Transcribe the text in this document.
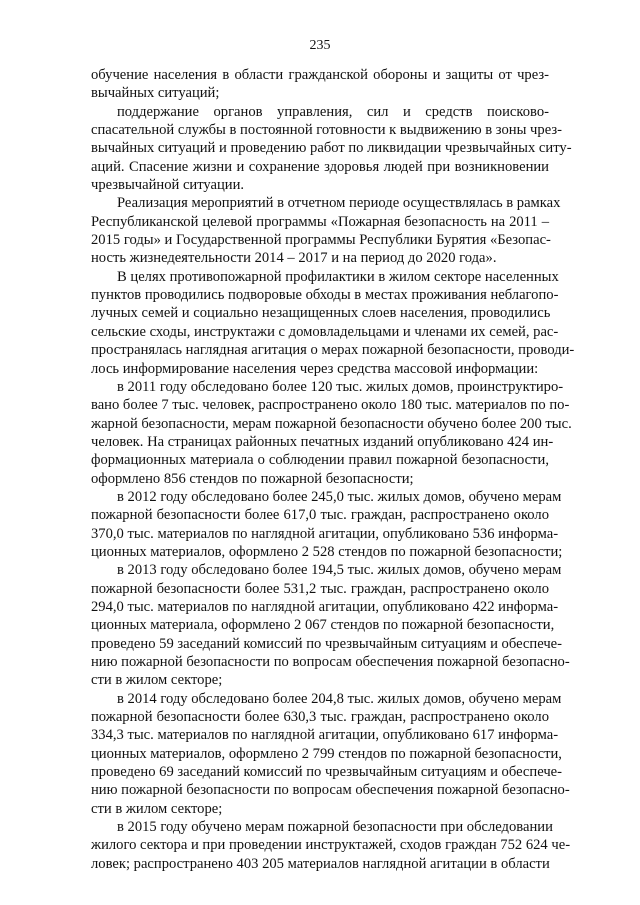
235
обучение населения в области гражданской обороны и защиты от чрез-
вычайных ситуаций;
поддержание органов управления, сил и средств поисково-
спасательной службы в постоянной готовности к выдвижению в зоны чрез-
вычайных ситуаций и проведению работ по ликвидации чрезвычайных ситу-
аций. Спасение жизни и сохранение здоровья людей при возникновении
чрезвычайной ситуации.
Реализация мероприятий в отчетном периоде осуществлялась в рамках
Республиканской целевой программы «Пожарная безопасность на 2011 –
2015 годы» и Государственной программы Республики Бурятия «Безопас-
ность жизнедеятельности 2014 – 2017 и на период до 2020 года».
В целях противопожарной профилактики в жилом секторе населенных
пунктов проводились подворовые обходы в местах проживания неблагопо-
лучных семей и социально незащищенных слоев населения, проводились
сельские сходы, инструктажи с домовладельцами и членами их семей, рас-
пространялась наглядная агитация о мерах пожарной безопасности, проводи-
лось информирование населения через средства массовой информации:
в 2011 году обследовано более 120 тыс. жилых домов, проинструктиро-
вано более 7 тыс. человек, распространено около 180 тыс. материалов по по-
жарной безопасности, мерам пожарной безопасности обучено более 200 тыс.
человек. На страницах районных печатных изданий опубликовано 424 ин-
формационных материала о соблюдении правил пожарной безопасности,
оформлено 856 стендов по пожарной безопасности;
в 2012 году обследовано более 245,0 тыс. жилых домов, обучено мерам
пожарной безопасности более 617,0 тыс. граждан, распространено около
370,0 тыс. материалов по наглядной агитации, опубликовано 536 информа-
ционных материалов, оформлено 2 528 стендов по пожарной безопасности;
в 2013 году обследовано более 194,5 тыс. жилых домов, обучено мерам
пожарной безопасности более 531,2 тыс. граждан, распространено около
294,0 тыс. материалов по наглядной агитации, опубликовано 422 информа-
ционных материала, оформлено 2 067 стендов по пожарной безопасности,
проведено 59 заседаний комиссий по чрезвычайным ситуациям и обеспече-
нию пожарной безопасности по вопросам обеспечения пожарной безопасно-
сти в жилом секторе;
в 2014 году обследовано более 204,8 тыс. жилых домов, обучено мерам
пожарной безопасности более 630,3 тыс. граждан, распространено около
334,3 тыс. материалов по наглядной агитации, опубликовано 617 информа-
ционных материалов, оформлено 2 799 стендов по пожарной безопасности,
проведено 69 заседаний комиссий по чрезвычайным ситуациям и обеспече-
нию пожарной безопасности по вопросам обеспечения пожарной безопасно-
сти в жилом секторе;
в 2015 году обучено мерам пожарной безопасности при обследовании
жилого сектора и при проведении инструктажей, сходов граждан 752 624 че-
ловек; распространено 403 205 материалов наглядной агитации в области
